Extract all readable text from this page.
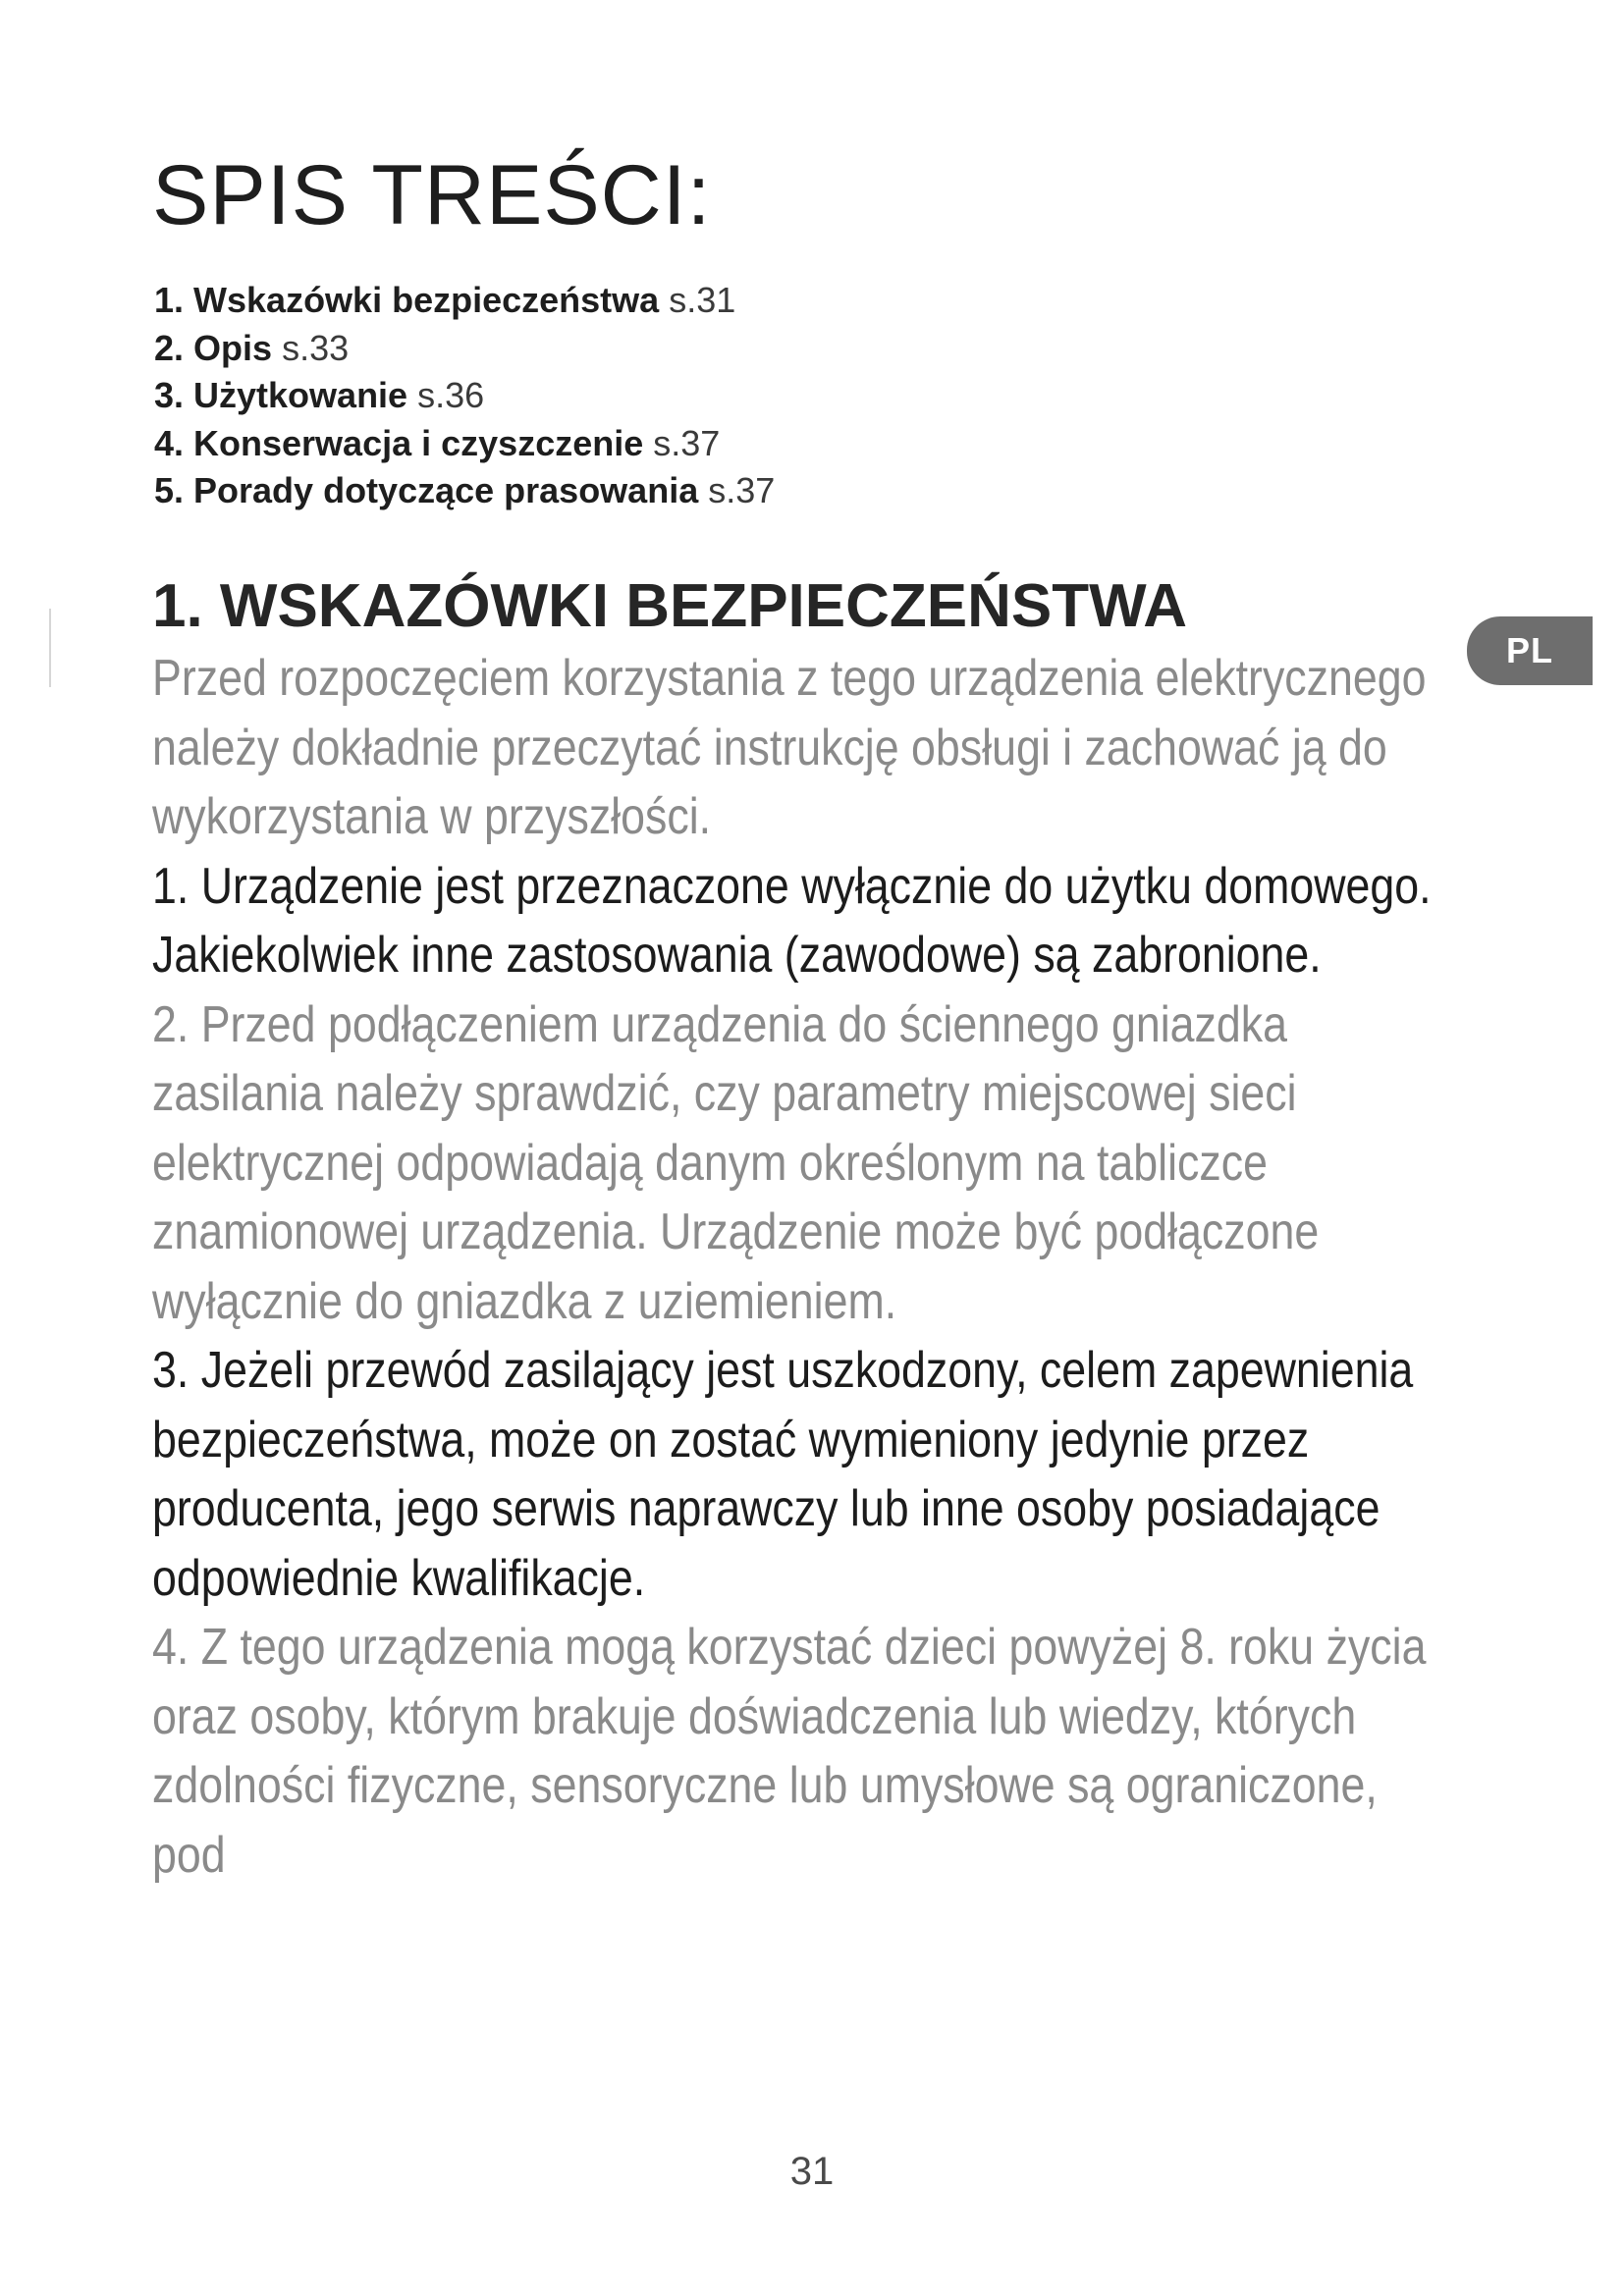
SPIS TREŚCI:
1. Wskazówki bezpieczeństwa s.31
2. Opis s.33
3. Użytkowanie s.36
4. Konserwacja i czyszczenie s.37
5. Porady dotyczące prasowania s.37
1. WSKAZÓWKI BEZPIECZEŃSTWA
PL

Przed rozpoczęciem korzystania z tego urządzenia elektrycznego należy dokładnie przeczytać instrukcję obsługi i zachować ją do wykorzystania w przyszłości.

1. Urządzenie jest przeznaczone wyłącznie do użytku domowego. Jakiekolwiek inne zastosowania (zawodowe) są zabronione.

2. Przed podłączeniem urządzenia do ściennego gniazdka zasilania należy sprawdzić, czy parametry miejscowej sieci elektrycznej odpowiadają danym określonym na tabliczce znamionowej urządzenia. Urządzenie może być podłączone wyłącznie do gniazdka z uziemieniem.

3. Jeżeli przewód zasilający jest uszkodzony, celem zapewnienia bezpieczeństwa, może on zostać wymieniony jedynie przez producenta, jego serwis naprawczy lub inne osoby posiadające odpowiednie kwalifikacje.

4. Z tego urządzenia mogą korzystać dzieci powyżej 8. roku życia oraz osoby, którym brakuje doświadczenia lub wiedzy, których zdolności fizyczne, sensoryczne lub umysłowe są ograniczone, pod

31
